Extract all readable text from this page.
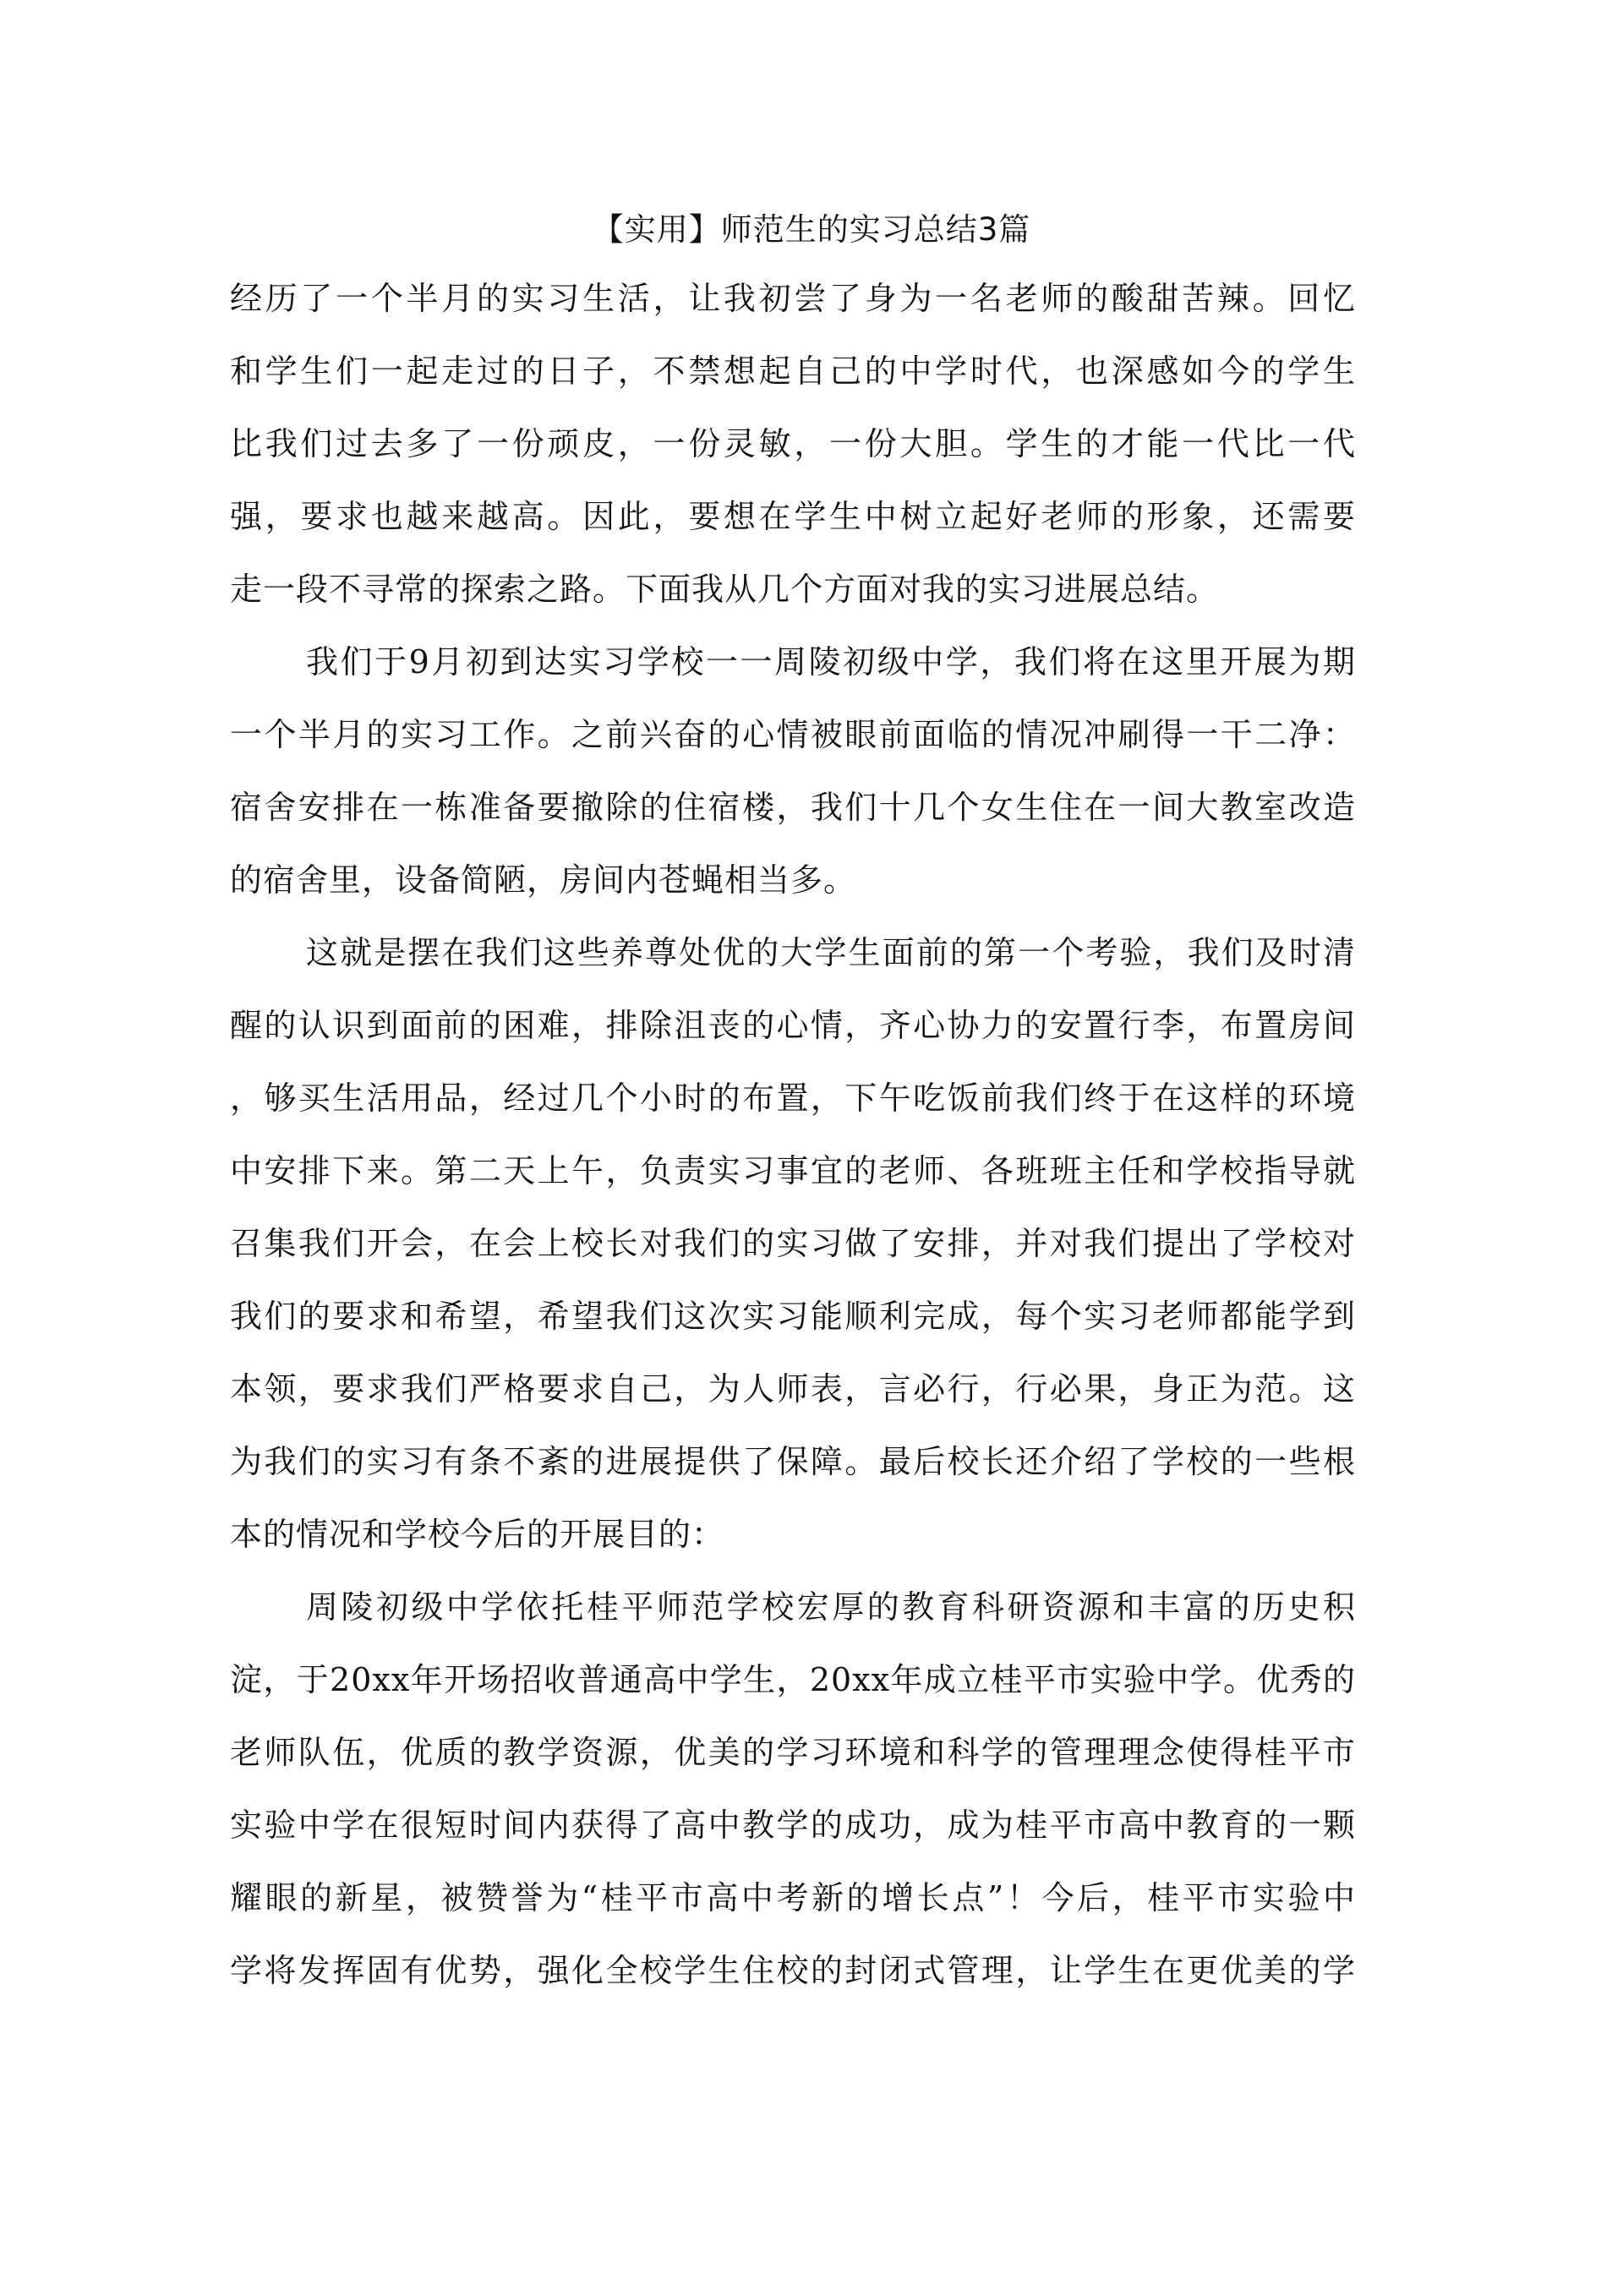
【实用】师范生的实习总结3篇
经历了一个半月的实习生活，让我初尝了身为一名老师的酸甜苦辣。回忆
和学生们一起走过的日子，不禁想起自己的中学时代，也深感如今的学生
比我们过去多了一份顽皮，一份灵敏，一份大胆。学生的才能一代比一代
强，要求也越来越高。因此，要想在学生中树立起好老师的形象，还需要
走一段不寻常的探索之路。下面我从几个方面对我的实习进展总结。
我们于9月初到达实习学校一一周陵初级中学，我们将在这里开展为期
一个半月的实习工作。之前兴奋的心情被眼前面临的情况冲刷得一干二净：
宿舍安排在一栋准备要撤除的住宿楼，我们十几个女生住在一间大教室改造
的宿舍里，设备简陋，房间内苍蝇相当多。
这就是摆在我们这些养尊处优的大学生面前的第一个考验，我们及时清
醒的认识到面前的困难，排除沮丧的心情，齐心协力的安置行李，布置房间
，够买生活用品，经过几个小时的布置，下午吃饭前我们终于在这样的环境
中安排下来。第二天上午，负责实习事宜的老师、各班班主任和学校指导就
召集我们开会，在会上校长对我们的实习做了安排，并对我们提出了学校对
我们的要求和希望，希望我们这次实习能顺利完成，每个实习老师都能学到
本领，要求我们严格要求自己，为人师表，言必行，行必果，身正为范。这
为我们的实习有条不紊的进展提供了保障。最后校长还介绍了学校的一些根
本的情况和学校今后的开展目的：
周陵初级中学依托桂平师范学校宏厚的教育科研资源和丰富的历史积
淀，于20xx年开场招收普通高中学生，20xx年成立桂平市实验中学。优秀的
老师队伍，优质的教学资源，优美的学习环境和科学的管理理念使得桂平市
实验中学在很短时间内获得了高中教学的成功，成为桂平市高中教育的一颗
耀眼的新星，被赞誉为“桂平市高中考新的增长点”！今后，桂平市实验中
学将发挥固有优势，强化全校学生住校的封闭式管理，让学生在更优美的学
